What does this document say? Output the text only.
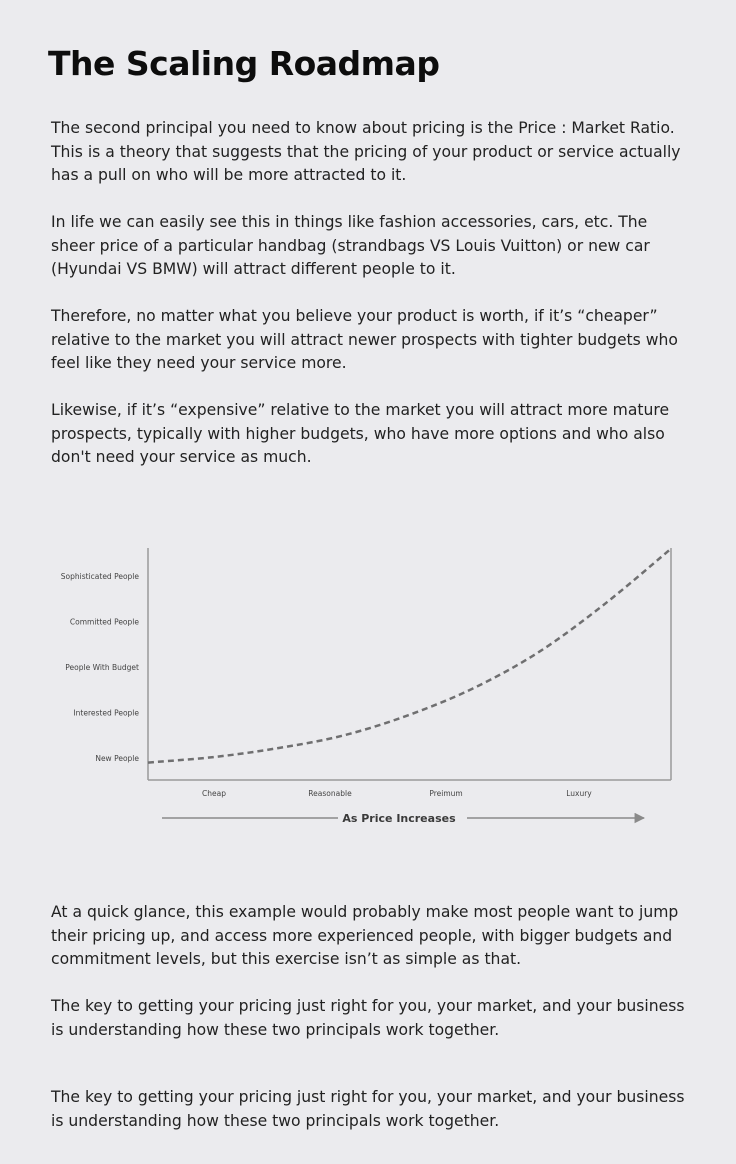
The Scaling Roadmap

The second principal you need to know about pricing is the Price : Market Ratio. This is a theory that suggests that the pricing of your product or service actually has a pull on who will be more attracted to it.

In life we can easily see this in things like fashion accessories, cars, etc. The sheer price of a particular handbag (strandbags VS Louis Vuitton) or new car (Hyundai VS BMW) will attract different people to it.

Therefore, no matter what you believe your product is worth, if it’s “cheaper” relative to the market you will attract newer prospects with tighter budgets who feel like they need your service more.

Likewise, if it’s “expensive” relative to the market you will attract more mature prospects, typically with higher budgets, who have more options and who also don't need your service as much.

New People
Interested People
People With Budget
Committed People
Sophisticated People
Cheap	Reasonable	Preimum	Luxury
As Price Increases

At a quick glance, this example would probably make most people want to jump their pricing up, and access more experienced people, with bigger budgets and commitment levels, but this exercise isn’t as simple as that.

The key to getting your pricing just right for you, your market, and your business is understanding how these two principals work together.

The key to getting your pricing just right for you, your market, and your business is understanding how these two principals work together.
